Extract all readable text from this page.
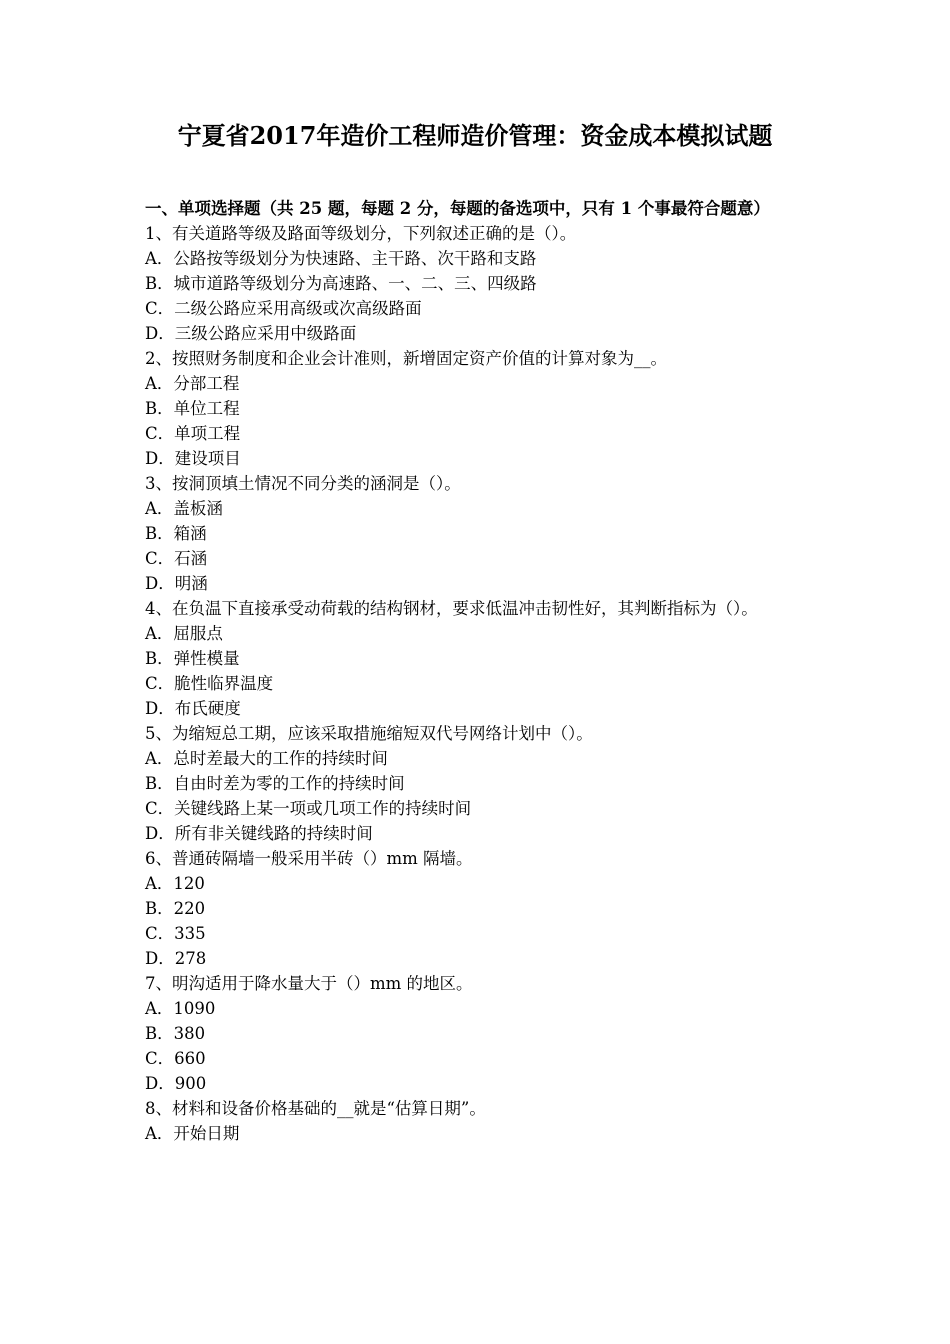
宁夏省2017年造价工程师造价管理：资金成本模拟试题
一、单项选择题（共 25 题，每题 2 分，每题的备选项中，只有 1 个事最符合题意）
1、有关道路等级及路面等级划分，下列叙述正确的是（）。
A．公路按等级划分为快速路、主干路、次干路和支路
B．城市道路等级划分为高速路、一、二、三、四级路
C．二级公路应采用高级或次高级路面
D．三级公路应采用中级路面
2、按照财务制度和企业会计准则，新增固定资产价值的计算对象为__。
A．分部工程
B．单位工程
C．单项工程
D．建设项目
3、按洞顶填土情况不同分类的涵洞是（）。
A．盖板涵
B．箱涵
C．石涵
D．明涵
4、在负温下直接承受动荷载的结构钢材，要求低温冲击韧性好，其判断指标为（）。
A．屈服点
B．弹性模量
C．脆性临界温度
D．布氏硬度
5、为缩短总工期，应该采取措施缩短双代号网络计划中（）。
A．总时差最大的工作的持续时间
B．自由时差为零的工作的持续时间
C．关键线路上某一项或几项工作的持续时间
D．所有非关键线路的持续时间
6、普通砖隔墙一般采用半砖（）mm 隔墙。
A．120
B．220
C．335
D．278
7、明沟适用于降水量大于（）mm 的地区。
A．1090
B．380
C．660
D．900
8、材料和设备价格基础的__就是“估算日期”。
A．开始日期
